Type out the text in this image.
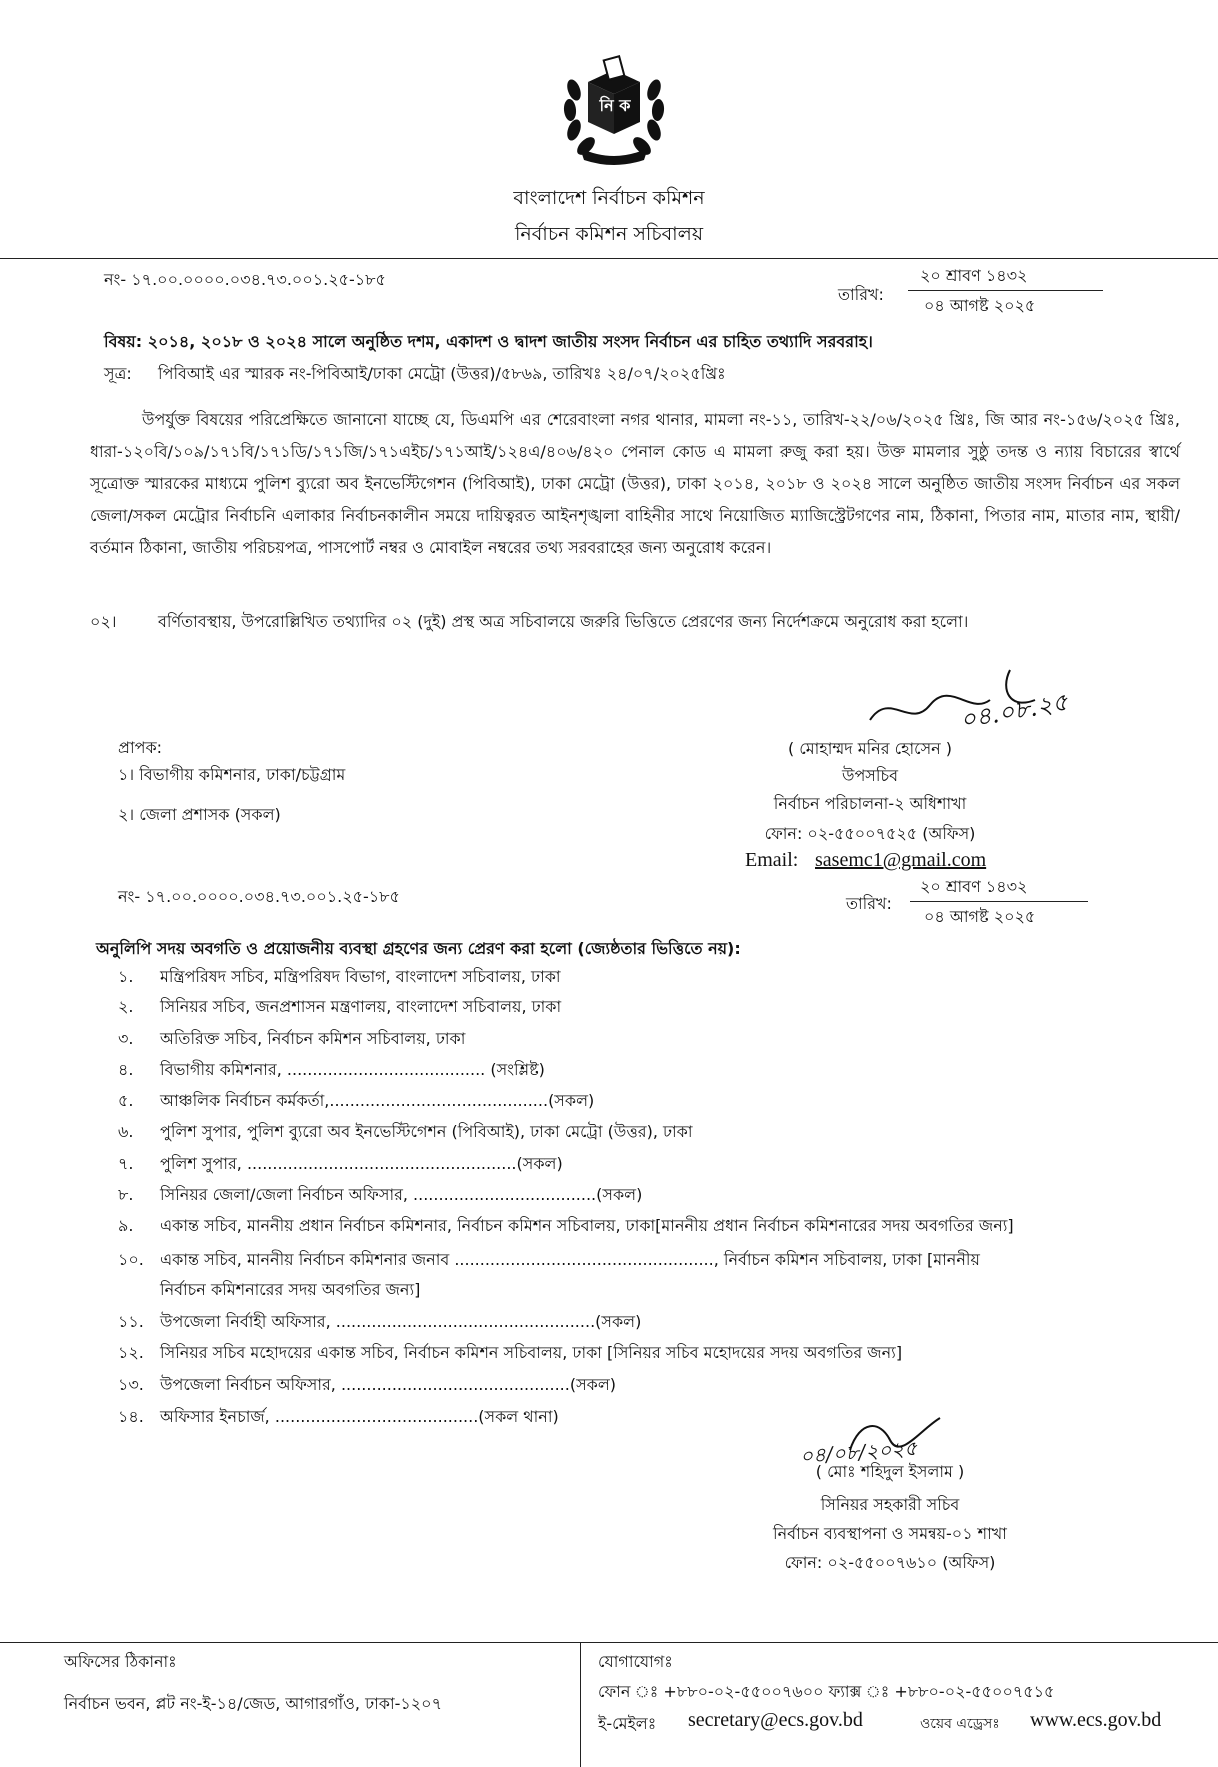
নি ক
বাংলাদেশ
বাংলাদেশ নির্বাচন কমিশন
নির্বাচন কমিশন সচিবালয়
নং- ১৭.০০.০০০০.০৩৪.৭৩.০০১.২৫-১৮৫
তারিখ:
২০ শ্রাবণ ১৪৩২
০৪ আগষ্ট ২০২৫
বিষয়: ২০১৪, ২০১৮ ও ২০২৪ সালে অনুষ্ঠিত দশম, একাদশ ও দ্বাদশ জাতীয় সংসদ নির্বাচন এর চাহিত তথ্যাদি সরবরাহ।
সূত্র: পিবিআই এর স্মারক নং-পিবিআই/ঢাকা মেট্রো (উত্তর)/৫৮৬৯, তারিখঃ ২৪/০৭/২০২৫খ্রিঃ
উপর্যুক্ত বিষয়ের পরিপ্রেক্ষিতে জানানো যাচ্ছে যে, ডিএমপি এর শেরেবাংলা নগর থানার, মামলা নং-১১, তারিখ-২২/০৬/২০২৫ খ্রিঃ, জি আর নং-১৫৬/২০২৫ খ্রিঃ, ধারা-১২০বি/১০৯/১৭১বি/১৭১ডি/১৭১জি/১৭১এইচ/১৭১আই/১২৪এ/৪০৬/৪২০ পেনাল কোড এ মামলা রুজু করা হয়। উক্ত মামলার সুষ্ঠু তদন্ত ও ন্যায় বিচারের স্বার্থে সূত্রোক্ত স্মারকের মাধ্যমে পুলিশ ব্যুরো অব ইনভেস্টিগেশন (পিবিআই), ঢাকা মেট্রো (উত্তর), ঢাকা ২০১৪, ২০১৮ ও ২০২৪ সালে অনুষ্ঠিত জাতীয় সংসদ নির্বাচন এর সকল জেলা/সকল মেট্রোর নির্বাচনি এলাকার নির্বাচনকালীন সময়ে দায়িত্বরত আইনশৃঙ্খলা বাহিনীর সাথে নিয়োজিত ম্যাজিস্ট্রেটগণের নাম, ঠিকানা, পিতার নাম, মাতার নাম, স্থায়ী/বর্তমান ঠিকানা, জাতীয় পরিচয়পত্র, পাসপোর্ট নম্বর ও মোবাইল নম্বরের তথ্য সরবরাহের জন্য অনুরোধ করেন।
০২।	বর্ণিতাবস্থায়, উপরোল্লিখিত তথ্যাদির ০২ (দুই) প্রস্থ অত্র সচিবালয়ে জরুরি ভিত্তিতে প্রেরণের জন্য নির্দেশক্রমে অনুরোধ করা হলো।
০৪.০৮.২৫
( মোহাম্মদ মনির হোসেন )
উপসচিব
নির্বাচন পরিচালনা-২ অধিশাখা
ফোন: ০২-৫৫০০৭৫২৫ (অফিস)
Email: sasemc1@gmail.com
প্রাপক:
১। বিভাগীয় কমিশনার, ঢাকা/চট্টগ্রাম
২। জেলা প্রশাসক (সকল)
নং- ১৭.০০.০০০০.০৩৪.৭৩.০০১.২৫-১৮৫	তারিখ:
২০ শ্রাবণ ১৪৩২
০৪ আগষ্ট ২০২৫
অনুলিপি সদয় অবগতি ও প্রয়োজনীয় ব্যবস্থা গ্রহণের জন্য প্রেরণ করা হলো (জ্যেষ্ঠতার ভিত্তিতে নয়):
১. মন্ত্রিপরিষদ সচিব, মন্ত্রিপরিষদ বিভাগ, বাংলাদেশ সচিবালয়, ঢাকা
২. সিনিয়র সচিব, জনপ্রশাসন মন্ত্রণালয়, বাংলাদেশ সচিবালয়, ঢাকা
৩. অতিরিক্ত সচিব, নির্বাচন কমিশন সচিবালয়, ঢাকা
৪. বিভাগীয় কমিশনার, ....................................... (সংশ্লিষ্ট)
৫. আঞ্চলিক নির্বাচন কর্মকর্তা,...........................................(সকল)
৬. পুলিশ সুপার, পুলিশ ব্যুরো অব ইনভেস্টিগেশন (পিবিআই), ঢাকা মেট্রো (উত্তর), ঢাকা
৭. পুলিশ সুপার, .....................................................(সকল)
৮. সিনিয়র জেলা/জেলা নির্বাচন অফিসার, ....................................(সকল)
৯. একান্ত সচিব, মাননীয় প্রধান নির্বাচন কমিশনার, নির্বাচন কমিশন সচিবালয়, ঢাকা[মাননীয় প্রধান নির্বাচন কমিশনারের সদয় অবগতির জন্য]
১০. একান্ত সচিব, মাননীয় নির্বাচন কমিশনার জনাব ..................................................., নির্বাচন কমিশন সচিবালয়, ঢাকা [মাননীয়
নির্বাচন কমিশনারের সদয় অবগতির জন্য]
১১. উপজেলা নির্বাহী অফিসার, ...................................................(সকল)
১২. সিনিয়র সচিব মহোদয়ের একান্ত সচিব, নির্বাচন কমিশন সচিবালয়, ঢাকা [সিনিয়র সচিব মহোদয়ের সদয় অবগতির জন্য]
১৩. উপজেলা নির্বাচন অফিসার, .............................................(সকল)
১৪. অফিসার ইনচার্জ, ........................................(সকল থানা)
০৪/০৮/২০২৫
( মোঃ শহিদুল ইসলাম )
সিনিয়র সহকারী সচিব
নির্বাচন ব্যবস্থাপনা ও সমন্বয়-০১ শাখা
ফোন: ০২-৫৫০০৭৬১০ (অফিস)
অফিসের ঠিকানাঃ
নির্বাচন ভবন, প্লট নং-ই-১৪/জেড, আগারগাঁও, ঢাকা-১২০৭
যোগাযোগঃ
ফোন ঃ +৮৮০-০২-৫৫০০৭৬০০ ফ্যাক্স ঃ +৮৮০-০২-৫৫০০৭৫১৫
ই-মেইলঃ secretary@ecs.gov.bd	ওয়েব এড্রেসঃ www.ecs.gov.bd
